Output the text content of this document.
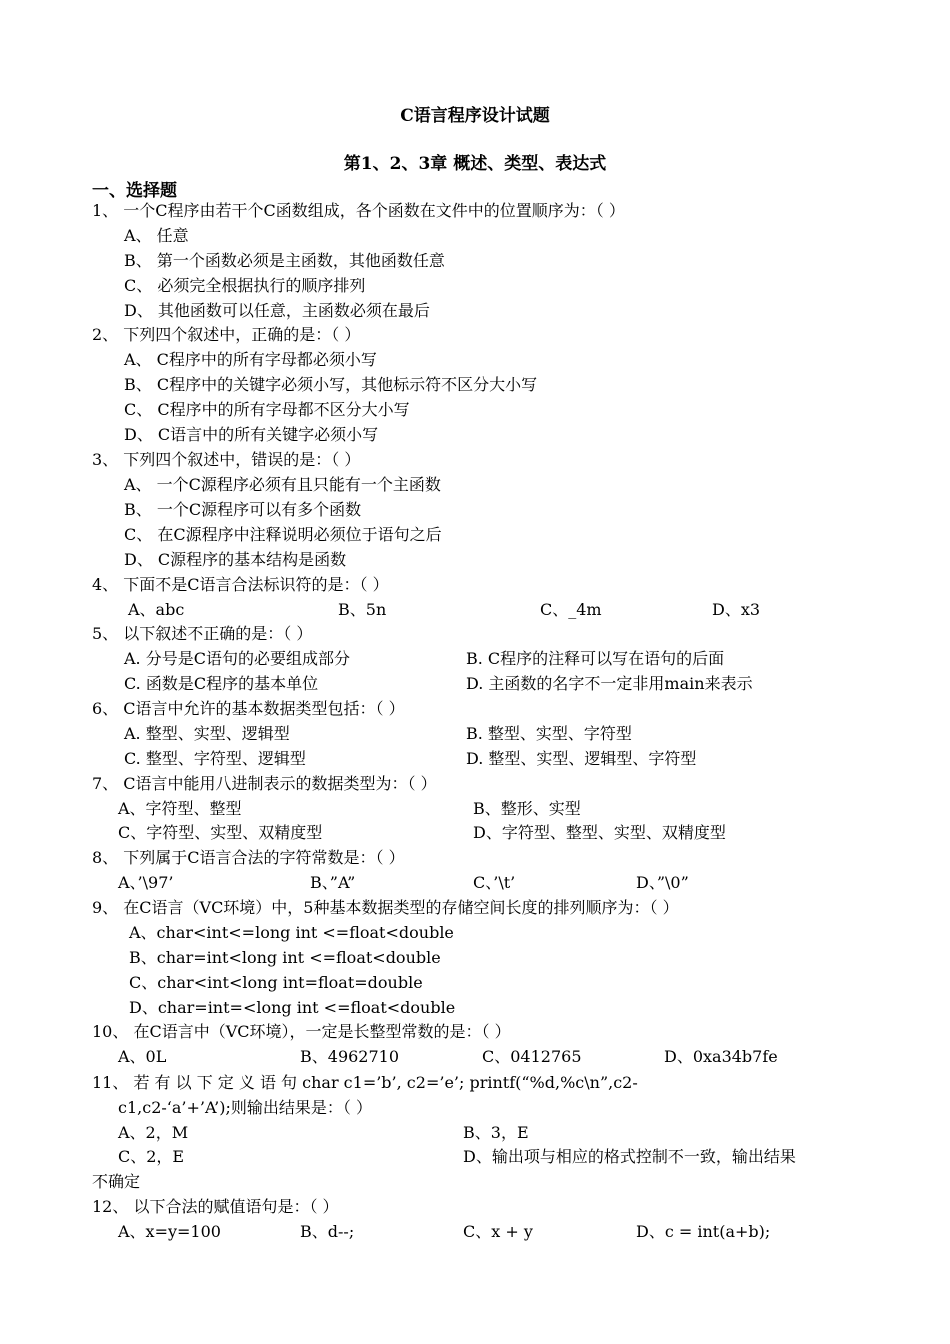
C语言程序设计试题
第1、2、3章 概述、类型、表达式
一、选择题
1、 一个C程序由若干个C函数组成，各个函数在文件中的位置顺序为：（ ）
A、 任意
B、 第一个函数必须是主函数，其他函数任意
C、 必须完全根据执行的顺序排列
D、 其他函数可以任意，主函数必须在最后
2、 下列四个叙述中，正确的是：（ ）
A、 C程序中的所有字母都必须小写
B、 C程序中的关键字必须小写，其他标示符不区分大小写
C、 C程序中的所有字母都不区分大小写
D、 C语言中的所有关键字必须小写
3、 下列四个叙述中，错误的是：（ ）
A、 一个C源程序必须有且只能有一个主函数
B、 一个C源程序可以有多个函数
C、 在C源程序中注释说明必须位于语句之后
D、 C源程序的基本结构是函数
4、 下面不是C语言合法标识符的是：（ ）
A、abc	B、5n	C、_4m	D、x3
5、 以下叙述不正确的是：（ ）
A. 分号是C语句的必要组成部分	B. C程序的注释可以写在语句的后面
C. 函数是C程序的基本单位	D. 主函数的名字不一定非用main来表示
6、 C语言中允许的基本数据类型包括：（ ）
A. 整型、实型、逻辑型	B. 整型、实型、字符型
C. 整型、字符型、逻辑型	D. 整型、实型、逻辑型、字符型
7、 C语言中能用八进制表示的数据类型为：（ ）
A、字符型、整型	B、整形、实型
C、字符型、实型、双精度型	D、字符型、整型、实型、双精度型
8、 下列属于C语言合法的字符常数是：（ ）
A、’\97’	B、”A”	C、’\t’	D、”\0”
9、 在C语言（VC环境）中，5种基本数据类型的存储空间长度的排列顺序为：（ ）
A、char<int<=long int <=float<double
B、char=int<long int <=float<double
C、char<int<long int=float=double
D、char=int=<long int <=float<double
10、 在C语言中（VC环境），一定是长整型常数的是：（ ）
A、0L	B、4962710	C、0412765	D、0xa34b7fe
11、 若 有 以 下 定 义 语 句 char c1=’b’, c2=’e’; printf(“%d,%c\n”,c2-
c1,c2-‘a’+’A’);则输出结果是：（ ）
A、2，M	B、3，E
C、2，E	D、输出项与相应的格式控制不一致，输出结果
不确定
12、 以下合法的赋值语句是：（ ）
A、x=y=100	B、d--;	C、x + y	D、c = int(a+b);
